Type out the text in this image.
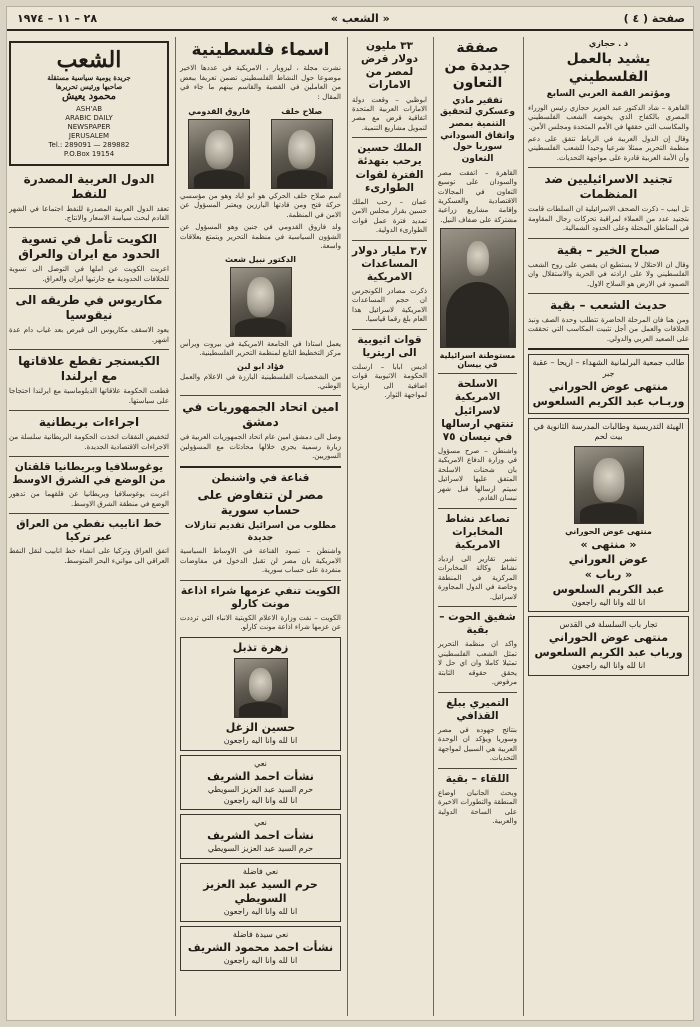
صفحة ( ٤ )
« الشعب »
٢٨ – ١١ – ١٩٧٤
د . حجازي
يشيد بالعمل الفلسطيني
ومؤتمر القمة العربي السابع

القاهرة – شاد الدكتور عبد العزيز حجازي رئيس الوزراء المصري بالكفاح الذي يخوضه الشعب الفلسطيني والمكاسب التي حققها في الأمم المتحدة ومجلس الأمن.

وقال إن الدول العربية في الرباط تتفق على دعم منظمة التحرير ممثلا شرعيا وحيدا للشعب الفلسطيني وأن الأمة العربية قادرة على مواجهة التحديات.

تجنيد الاسرائيليين ضد المنظمات

تل ابيب – ذكرت الصحف الاسرائيلية ان السلطات قامت بتجنيد عدد من العملاء لمراقبة تحركات رجال المقاومة في المناطق المحتلة وعلى الحدود الشمالية.

صباح الخير – بقية

وقال ان الاحتلال لا يستطيع ان يقضي على روح الشعب الفلسطيني ولا على ارادته في الحرية والاستقلال وان الصمود في الارض هو السلاح الاول.

حديث الشعب – بقية

ومن هنا فان المرحلة الحاضرة تتطلب وحدة الصف ونبذ الخلافات والعمل من أجل تثبيت المكاسب التي تحققت على الصعيد العربي والدولي.

طالب جمعية البرلمانية الشهداء – اريحا – عقبة جبر
منتهى عوض الحوراني
وربـاب عبد الكريم السلعوس
الهيئة التدريسية وطالبات المدرسة الثانوية في بيت لحم
منتهى عوض الحوراني
« منتهى »
عوض العوراني
« رباب »
عبد الكريم السلعوس
انا لله وانا اليه راجعون
تجار باب السلسلة في القدس
منتهى عوض الحوراني
ورباب عبد الكريم السلعوس
انا لله وانا اليه راجعون
صفقة جديدة من التعاون
تفقير مادي وعسكري لتحقيق التنمية بمصر واتفاق السوداني سوريا حول التعاون

القاهرة – اتفقت مصر والسودان على توسيع التعاون في المجالات الاقتصادية والعسكرية وإقامة مشاريع زراعية مشتركة على ضفاف النيل.

مستوطنة اسرائيلية في بيسان
الاسلحة الامريكية لاسرائيل تنتهي ارسالها في نيسان ٧٥

واشنطن – صرح مسؤول في وزارة الدفاع الامريكية بان شحنات الاسلحة المتفق عليها لاسرائيل سيتم ارسالها قبل شهر نيسان القادم.

تصاعد نشاط المخابرات الامريكية

تشير تقارير الى ازدياد نشاط وكالة المخابرات المركزية في المنطقة وخاصة في الدول المجاورة لاسرائيل.

شفيق الحوت – بقية

واكد ان منظمة التحرير تمثل الشعب الفلسطيني تمثيلا كاملا وان اي حل لا يحقق حقوقه الثابتة مرفوض.

التميري يبلغ القذافي

بنتائج جهوده في مصر وسوريا ويؤكد ان الوحدة العربية هي السبيل لمواجهة التحديات.

اللقاء – بقية

وبحث الجانبان اوضاع المنطقة والتطورات الاخيرة على الساحة الدولية والعربية.

٣٣ مليون دولار قرض لمصر من الامارات

ابوظبي – وقعت دولة الامارات العربية المتحدة اتفاقية قرض مع مصر لتمويل مشاريع التنمية.

الملك حسين يرحب بتهدئة الفترة لقوات الطوارىء

عمان – رحب الملك حسين بقرار مجلس الامن تمديد فترة عمل قوات الطوارىء الدولية.

٣٫٧ مليار دولار المساعدات الامريكية

ذكرت مصادر الكونجرس ان حجم المساعدات الامريكية لاسرائيل هذا العام بلغ رقما قياسيا.

قوات اثيوبية الى اريتريا

اديس ابابا – ارسلت الحكومة الاثيوبية قوات اضافية الى اريتريا لمواجهة الثوار.

اسماء فلسطينية

نشرت مجلة ، ليزويار ، الامريكية في عددها الاخير موضوعا حول النشاط الفلسطيني تضمن تعريفا ببعض من العاملين في القضية والقاسم بينهم ما جاء في المقال :

صلاح خلف
فاروق القدومي

اسم صلاح خلف الحركي هو ابو اياد وهو من مؤسسي حركة فتح ومن قادتها البارزين ويعتبر المسؤول عن الامن في المنظمة.

ولد فاروق القدومي في جنين وهو المسؤول عن الشؤون السياسية في منظمة التحرير ويتمتع بعلاقات واسعة.

الدكتور نبيل شعث

يعمل استاذا في الجامعة الامريكية في بيروت ويرأس مركز التخطيط التابع لمنظمة التحرير الفلسطينية.

فؤاد ابو لبن

من الشخصيات الفلسطينية البارزة في الاعلام والعمل الوطني.

امين اتحاد الجمهوريات في دمشق

وصل الى دمشق امين عام اتحاد الجمهوريات العربية في زيارة رسمية يجري خلالها محادثات مع المسؤولين السوريين.

قناعة في واشنطن
مصر لن تتفاوض على حساب سورية
مطلوب من اسرائيل تقديم تنازلات جديدة

واشنطن – تسود القناعة في الاوساط السياسية الامريكية بان مصر لن تقبل الدخول في مفاوضات منفردة على حساب سورية.

الكويت تنفي عزمها شراء اذاعة مونت كارلو

الكويت – نفت وزارة الاعلام الكويتية الانباء التي ترددت عن عزمها شراء اذاعة مونت كارلو.

زهرة تذبل
حسين الزغل
انا لله وانا اليه راجعون
نعي
نشأت احمد الشريف
حرم السيد عبد العزيز السويطي
انا لله وانا اليه راجعون
نعي
نشأت احمد الشريف
حرم السيد عبد العزيز السويطي
نعي فاضلة
حرم السيد عبد العزيز السويطي
انا لله وانا اليه راجعون
نعي سيدة فاضلة
نشأت احمد محمود الشريف
انا لله وانا اليه راجعون
الشعب
جريدة يومية سياسية مستقلة
صاحبها ورئيس تحريرها
محمود يعيش
ASH'AB
ARABIC DAILY
NEWSPAPER
JERUSALEM
Tel.: 289091 — 289882
P.O.Box 19154
الدول العربية المصدرة للنفط

تعقد الدول العربية المصدرة للنفط اجتماعا في الشهر القادم لبحث سياسة الاسعار والانتاج.

الكويت تأمل في تسوية الحدود مع ايران والعراق

اعربت الكويت عن املها في التوصل الى تسوية للخلافات الحدودية مع جارتيها ايران والعراق.

مكاريوس في طريقه الى نيقوسيا

يعود الاسقف مكاريوس الى قبرص بعد غياب دام عدة اشهر.

الكيسنجر تقطع علاقاتها مع ايرلندا

قطعت الحكومة علاقاتها الدبلوماسية مع ايرلندا احتجاجا على سياستها.

اجراءات بريطانية

لتخفيض النفقات اتخذت الحكومة البريطانية سلسلة من الاجراءات الاقتصادية الجديدة.

يوغوسلافيا وبريطانيا قلقتان من الوضع في الشرق الاوسط

اعربت يوغوسلافيا وبريطانيا عن قلقهما من تدهور الوضع في منطقة الشرق الاوسط.

خط انابيب نفطي من العراق عبر تركيا

اتفق العراق وتركيا على انشاء خط انابيب لنقل النفط العراقي الى موانيء البحر المتوسط.
